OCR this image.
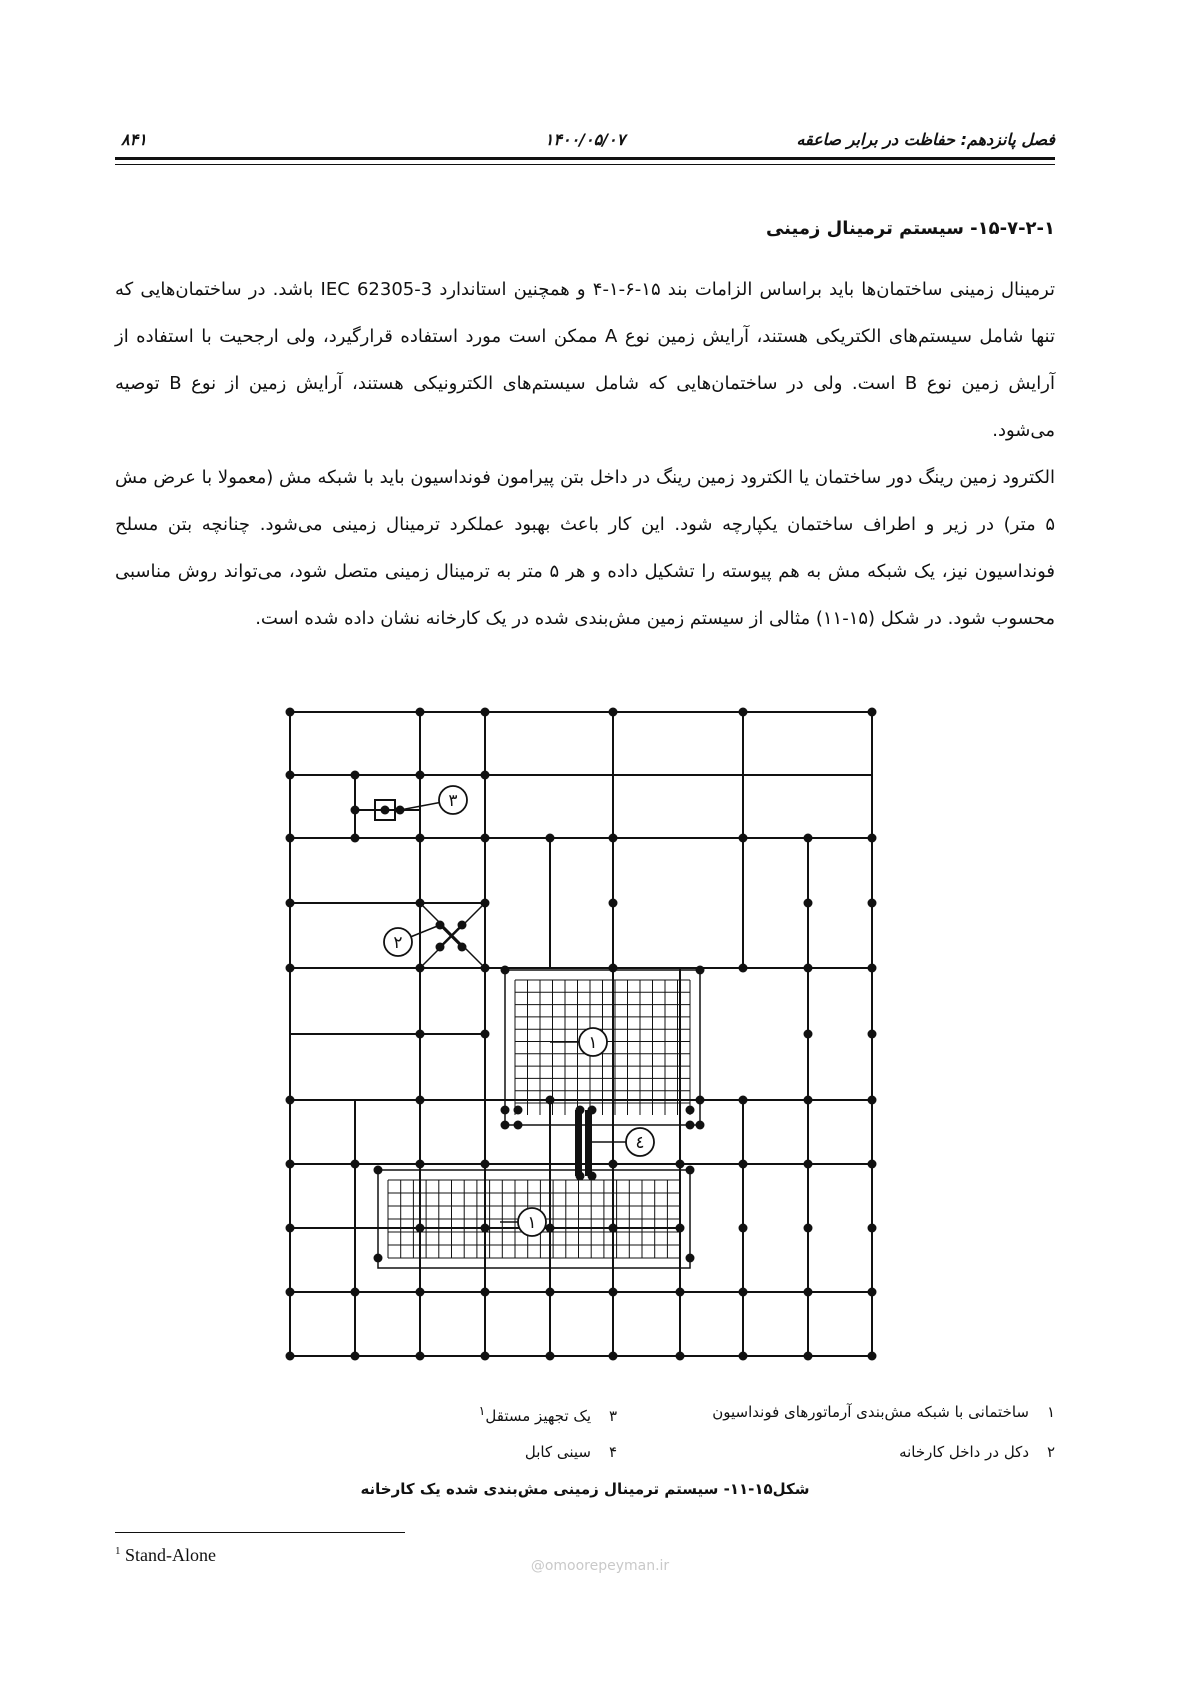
فصل پانزدهم: حفاظت در برابر صاعقه
۱۴۰۰/۰۵/۰۷
۸۴۱
۱۵-۷-۲-۱- سیستم ترمینال زمینی

ترمینال زمینی ساختمان‌ها باید براساس الزامات بند ۱۵-۶-۱-۴ و همچنین استاندارد IEC 62305-3 باشد. در ساختمان‌هایی که تنها شامل سیستم‌های الکتریکی هستند، آرایش زمین نوع A ممکن است مورد استفاده قرارگیرد، ولی ارجحیت با استفاده از آرایش زمین نوع B است. ولی در ساختمان‌هایی که شامل سیستم‌های الکترونیکی هستند، آرایش زمین از نوع B توصیه می‌شود.

الکترود زمین رینگ دور ساختمان یا الکترود زمین رینگ در داخل بتن پیرامون فونداسیون باید با شبکه مش (معمولا با عرض مش ۵ متر) در زیر و اطراف ساختمان یکپارچه شود. این کار باعث بهبود عملکرد ترمینال زمینی می‌شود. چنانچه بتن مسلح فونداسیون نیز، یک شبکه مش به هم پیوسته را تشکیل داده و هر ۵ متر به ترمینال زمینی متصل شود، می‌تواند روش مناسبی محسوب شود. در شکل (۱۵-۱۱) مثالی از سیستم زمین مش‌بندی شده در یک کارخانه نشان داده شده است.

۱
۱
۲
۳
٤
۱ساختمانی با شبکه مش‌بندی آرماتورهای فونداسیون
۲دکل در داخل کارخانه
۳یک تجهیز مستقل$^۱$
۴سینی کابل
شکل۱۵-۱۱- سیستم ترمینال زمینی مش‌بندی شده یک کارخانه
$^1$ Stand-Alone
@omoorepeyman.ir
